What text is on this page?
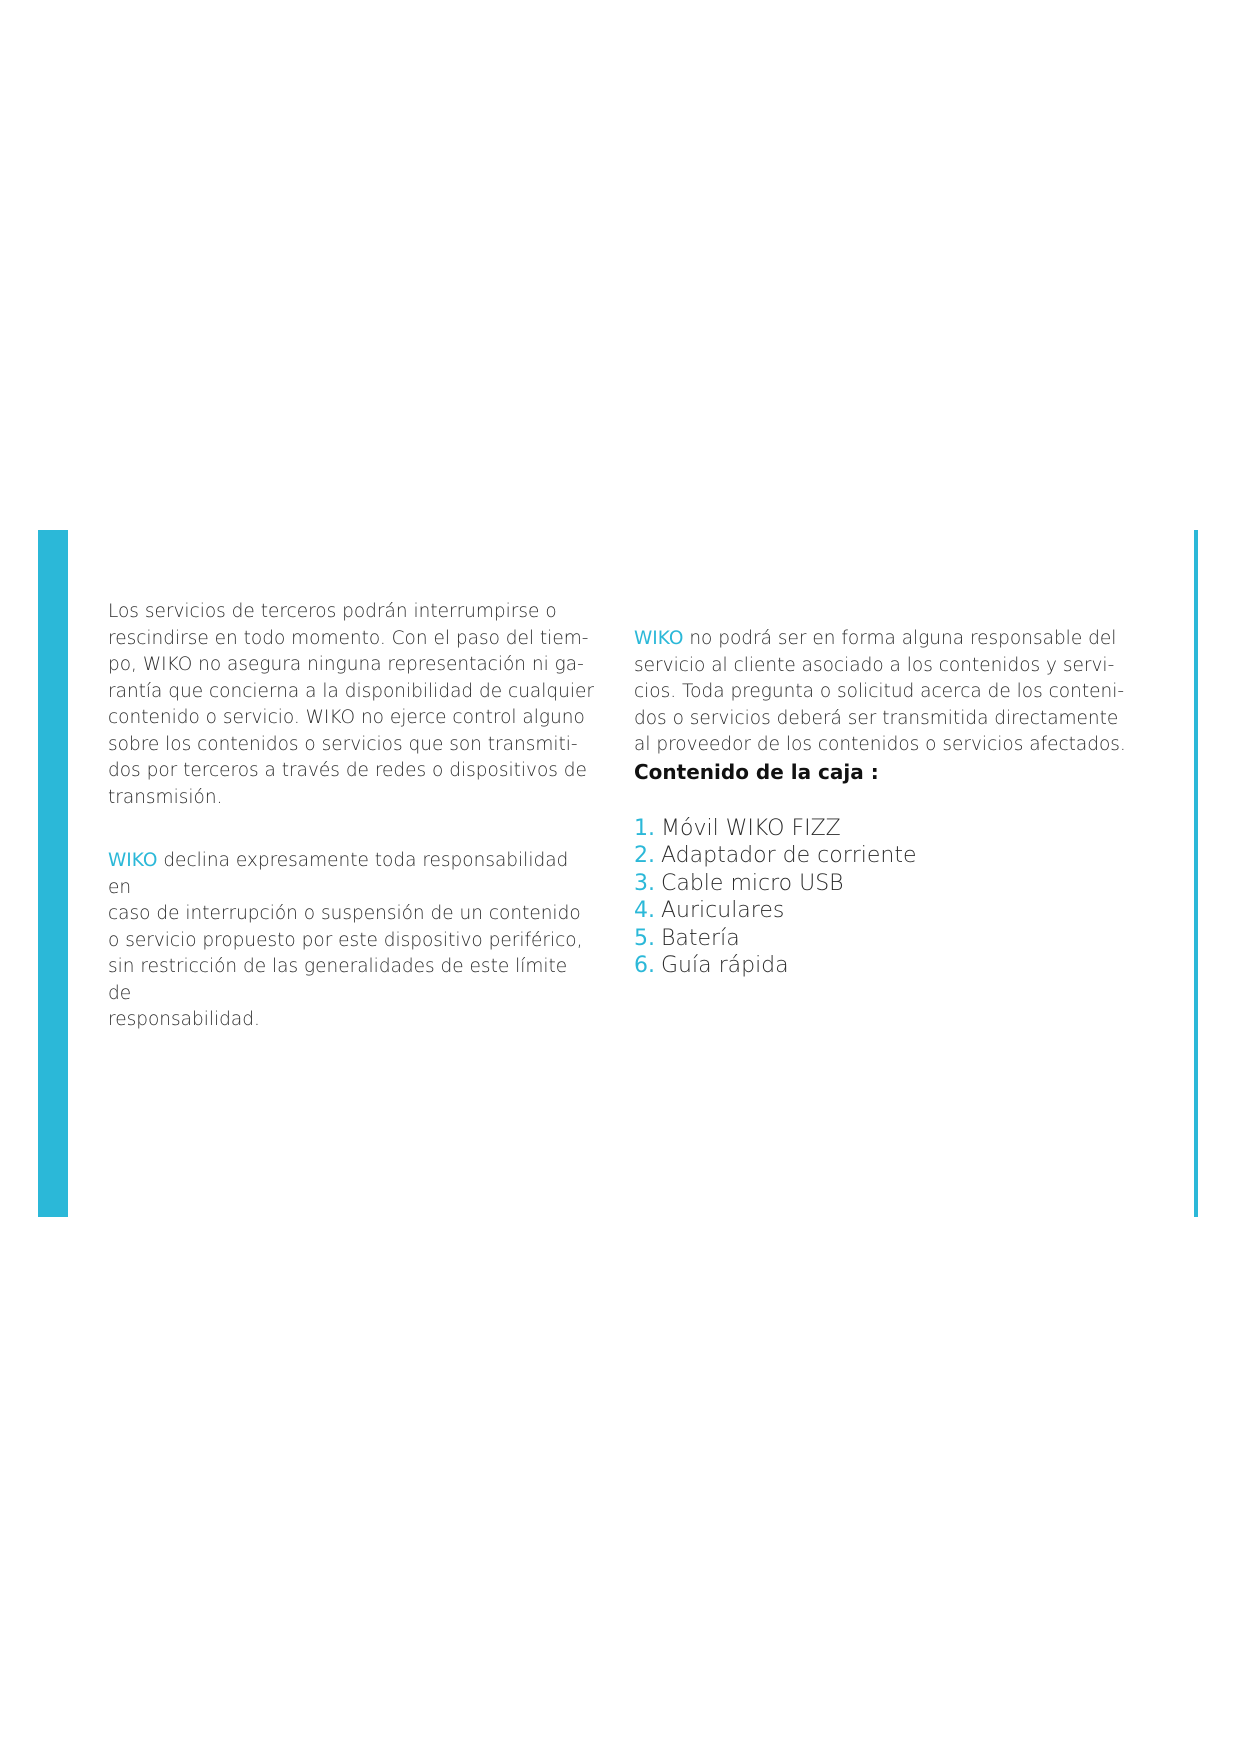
Los servicios de terceros podrán interrumpirse o
rescindirse en todo momento. Con el paso del tiem-
po, WIKO no asegura ninguna representación ni ga-
rantía que concierna a la disponibilidad de cualquier
contenido o servicio. WIKO no ejerce control alguno
sobre los contenidos o servicios que son transmiti-
dos por terceros a través de redes o dispositivos de
transmisión.

WIKO declina expresamente toda responsabilidad en
caso de interrupción o suspensión de un contenido
o servicio propuesto por este dispositivo periférico,
sin restricción de las generalidades de este límite de
responsabilidad.

WIKO no podrá ser en forma alguna responsable del
servicio al cliente asociado a los contenidos y servi-
cios. Toda pregunta o solicitud acerca de los conteni-
dos o servicios deberá ser transmitida directamente
al proveedor de los contenidos o servicios afectados.

Contenido de la caja :
1. Móvil WIKO FIZZ
2. Adaptador de corriente
3. Cable micro USB
4. Auriculares
5. Batería
6. Guía rápida
